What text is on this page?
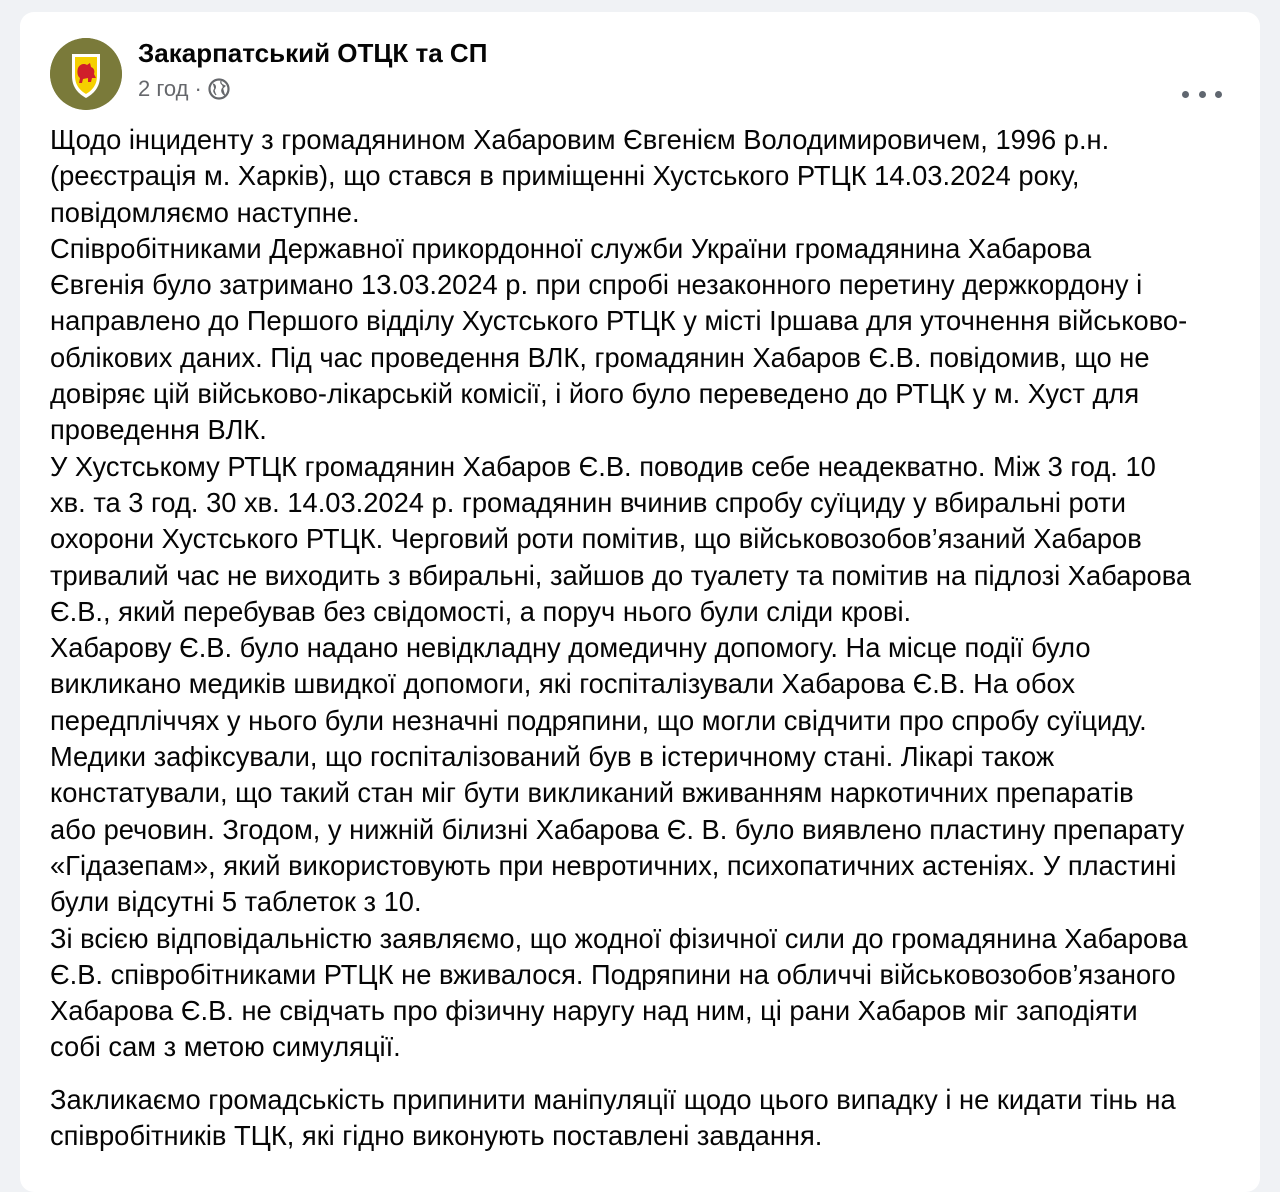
Закарпатський ОТЦК та СП
2 год ·

Щодо інциденту з громадянином Хабаровим Євгенієм Володимировичем, 1996 р.н.
(реєстрація м. Харків), що стався в приміщенні Хустського РТЦК 14.03.2024 року,
повідомляємо наступне.

Співробітниками Державної прикордонної служби України громадянина Хабарова
Євгенія було затримано 13.03.2024 р. при спробі незаконного перетину держкордону і
направлено до Першого відділу Хустського РТЦК у місті Іршава для уточнення військово-
облікових даних. Під час проведення ВЛК, громадянин Хабаров Є.В. повідомив, що не
довіряє цій військово-лікарській комісії, і його було переведено до РТЦК у м. Хуст для
проведення ВЛК.

У Хустському РТЦК громадянин Хабаров Є.В. поводив себе неадекватно. Між 3 год. 10
хв. та 3 год. 30 хв. 14.03.2024 р. громадянин вчинив спробу суїциду у вбиральні роти
охорони Хустського РТЦК. Черговий роти помітив, що військовозобов’язаний Хабаров
тривалий час не виходить з вбиральні, зайшов до туалету та помітив на підлозі Хабарова
Є.В., який перебував без свідомості, а поруч нього були сліди крові.

Хабарову Є.В. було надано невідкладну домедичну допомогу. На місце події було
викликано медиків швидкої допомоги, які госпіталізували Хабарова Є.В. На обох
передпліччях у нього були незначні подряпини, що могли свідчити про спробу суїциду.
Медики зафіксували, що госпіталізований був в істеричному стані. Лікарі також
констатували, що такий стан міг бути викликаний вживанням наркотичних препаратів
або речовин. Згодом, у нижній білизні Хабарова Є. В. було виявлено пластину препарату
«Гідазепам», який використовують при невротичних, психопатичних астеніях. У пластині
були відсутні 5 таблеток з 10.

Зі всією відповідальністю заявляємо, що жодної фізичної сили до громадянина Хабарова
Є.В. співробітниками РТЦК не вживалося. Подряпини на обличчі військовозобов’язаного
Хабарова Є.В. не свідчать про фізичну наругу над ним, ці рани Хабаров міг заподіяти
собі сам з метою симуляції.

Закликаємо громадськість припинити маніпуляції щодо цього випадку і не кидати тінь на
співробітників ТЦК, які гідно виконують поставлені завдання.
